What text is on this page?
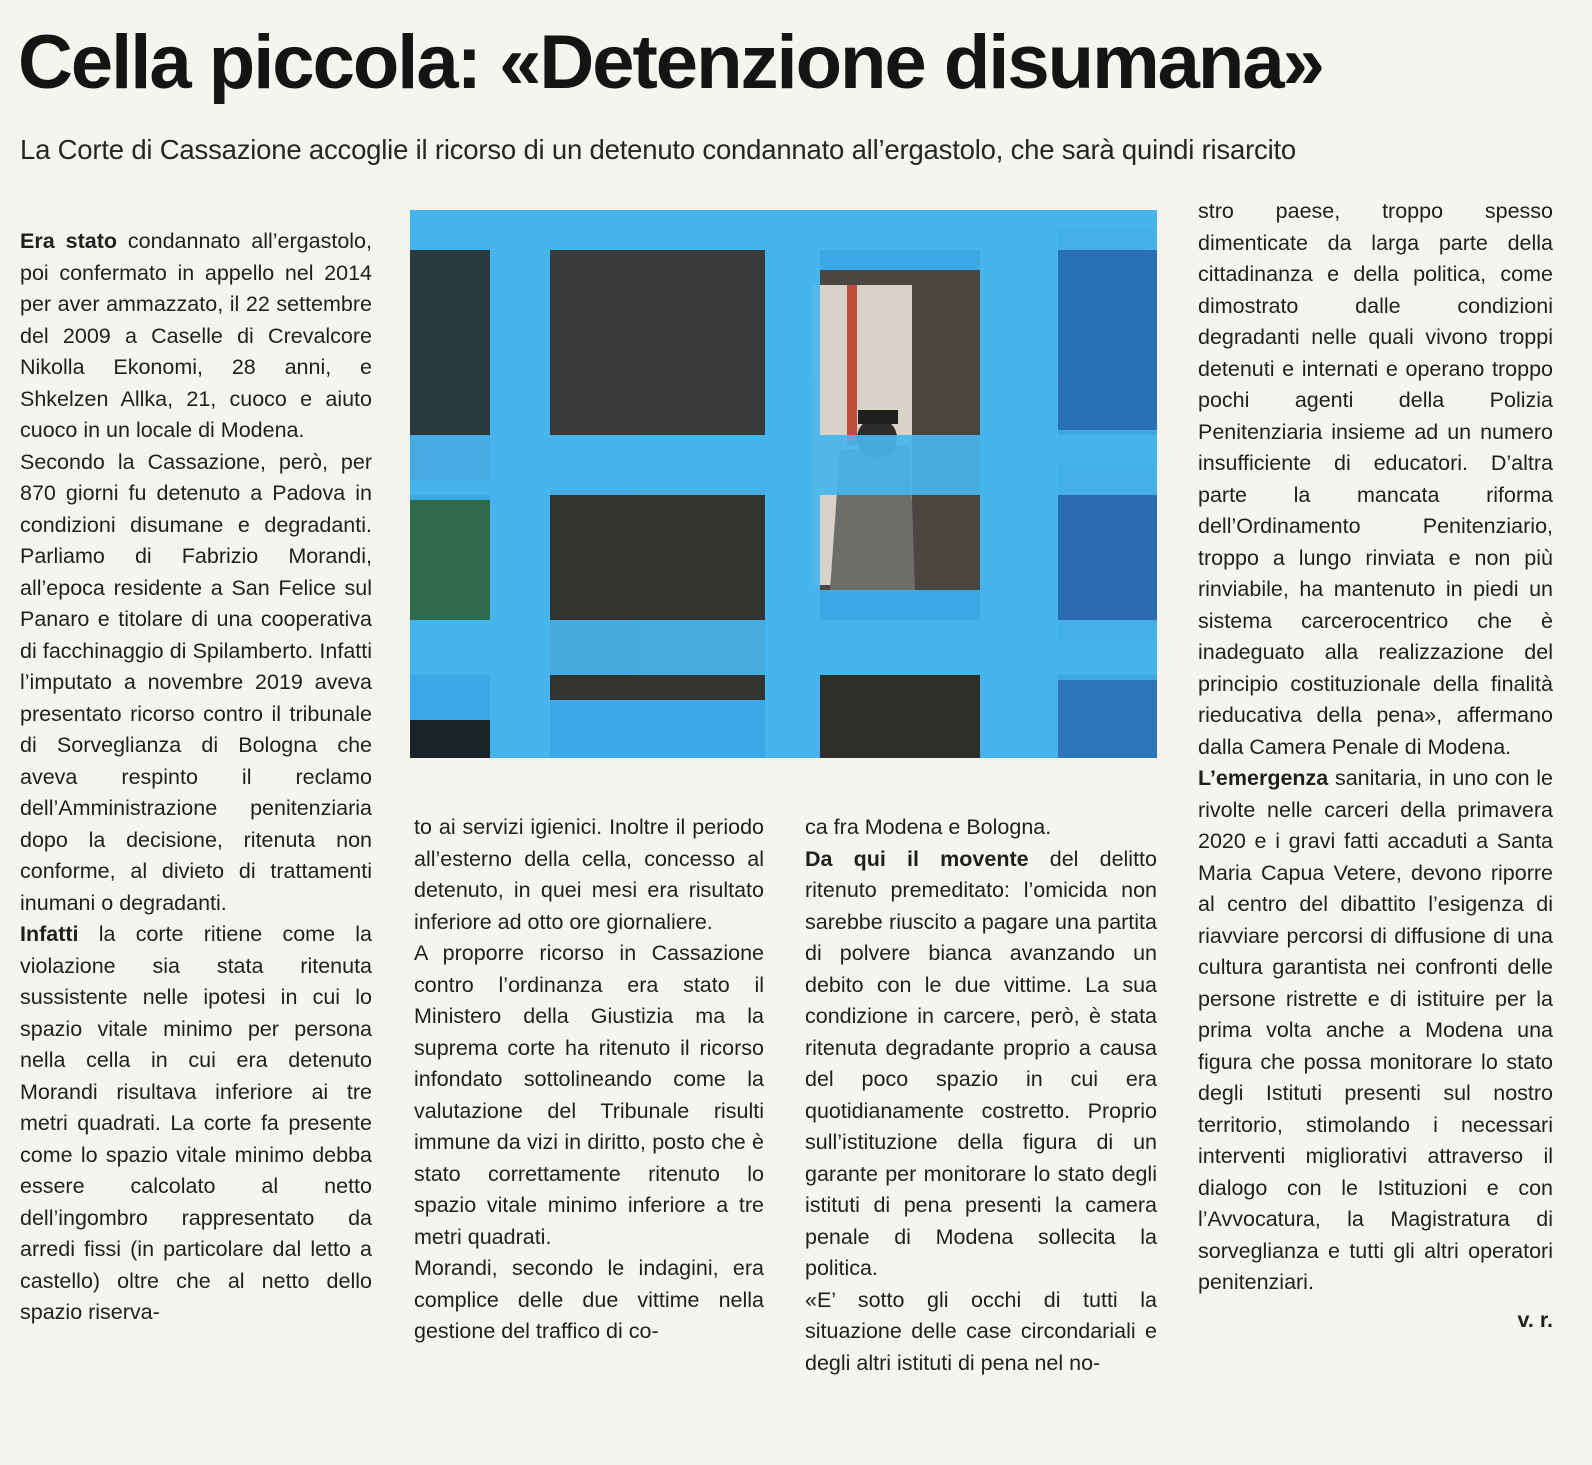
Cella piccola: «Detenzione disumana»

La Corte di Cassazione accoglie il ricorso di un detenuto condannato all’ergastolo, che sarà quindi risarcito

Era stato condannato all’ergastolo, poi confermato in appello nel 2014 per aver ammazzato, il 22 settembre del 2009 a Caselle di Crevalcore Nikolla Ekonomi, 28 anni, e Shkelzen Allka, 21, cuoco e aiuto cuoco in un locale di Modena.

Secondo la Cassazione, però, per 870 giorni fu detenuto a Padova in condizioni disumane e degradanti. Parliamo di Fabrizio Morandi, all’epoca residente a San Felice sul Panaro e titolare di una cooperativa di facchinaggio di Spilamberto. Infatti l’imputato a novembre 2019 aveva presentato ricorso contro il tribunale di Sorveglianza di Bologna che aveva respinto il reclamo dell’Amministrazione penitenziaria dopo la decisione, ritenuta non conforme, al divieto di trattamenti inumani o degradanti.

Infatti la corte ritiene come la violazione sia stata ritenuta sussistente nelle ipotesi in cui lo spazio vitale minimo per persona nella cella in cui era detenuto Morandi risultava inferiore ai tre metri quadrati. La corte fa presente come lo spazio vitale minimo debba essere calcolato al netto dell’ingombro rappresentato da arredi fissi (in particolare dal letto a castello) oltre che al netto dello spazio riserva-

to ai servizi igienici. Inoltre il periodo all’esterno della cella, concesso al detenuto, in quei mesi era risultato inferiore ad otto ore giornaliere.

A proporre ricorso in Cassazione contro l’ordinanza era stato il Ministero della Giustizia ma la suprema corte ha ritenuto il ricorso infondato sottolineando come la valutazione del Tribunale risulti immune da vizi in diritto, posto che è stato correttamente ritenuto lo spazio vitale minimo inferiore a tre metri quadrati.

Morandi, secondo le indagini, era complice delle due vittime nella gestione del traffico di co-

ca fra Modena e Bologna.

Da qui il movente del delitto ritenuto premeditato: l’omicida non sarebbe riuscito a pagare una partita di polvere bianca avanzando un debito con le due vittime. La sua condizione in carcere, però, è stata ritenuta degradante proprio a causa del poco spazio in cui era quotidianamente costretto. Proprio sull’istituzione della figura di un garante per monitorare lo stato degli istituti di pena presenti la camera penale di Modena sollecita la politica.

«E’ sotto gli occhi di tutti la situazione delle case circondariali e degli altri istituti di pena nel no-

stro paese, troppo spesso dimenticate da larga parte della cittadinanza e della politica, come dimostrato dalle condizioni degradanti nelle quali vivono troppi detenuti e internati e operano troppo pochi agenti della Polizia Penitenziaria insieme ad un numero insufficiente di educatori. D’altra parte la mancata riforma dell’Ordinamento Penitenziario, troppo a lungo rinviata e non più rinviabile, ha mantenuto in piedi un sistema carcerocentrico che è inadeguato alla realizzazione del principio costituzionale della finalità rieducativa della pena», affermano dalla Camera Penale di Modena.

L’emergenza sanitaria, in uno con le rivolte nelle carceri della primavera 2020 e i gravi fatti accaduti a Santa Maria Capua Vetere, devono riporre al centro del dibattito l’esigenza di riavviare percorsi di diffusione di una cultura garantista nei confronti delle persone ristrette e di istituire per la prima volta anche a Modena una figura che possa monitorare lo stato degli Istituti presenti sul nostro territorio, stimolando i necessari interventi migliorativi attraverso il dialogo con le Istituzioni e con l’Avvocatura, la Magistratura di sorveglianza e tutti gli altri operatori penitenziari.

v. r.
